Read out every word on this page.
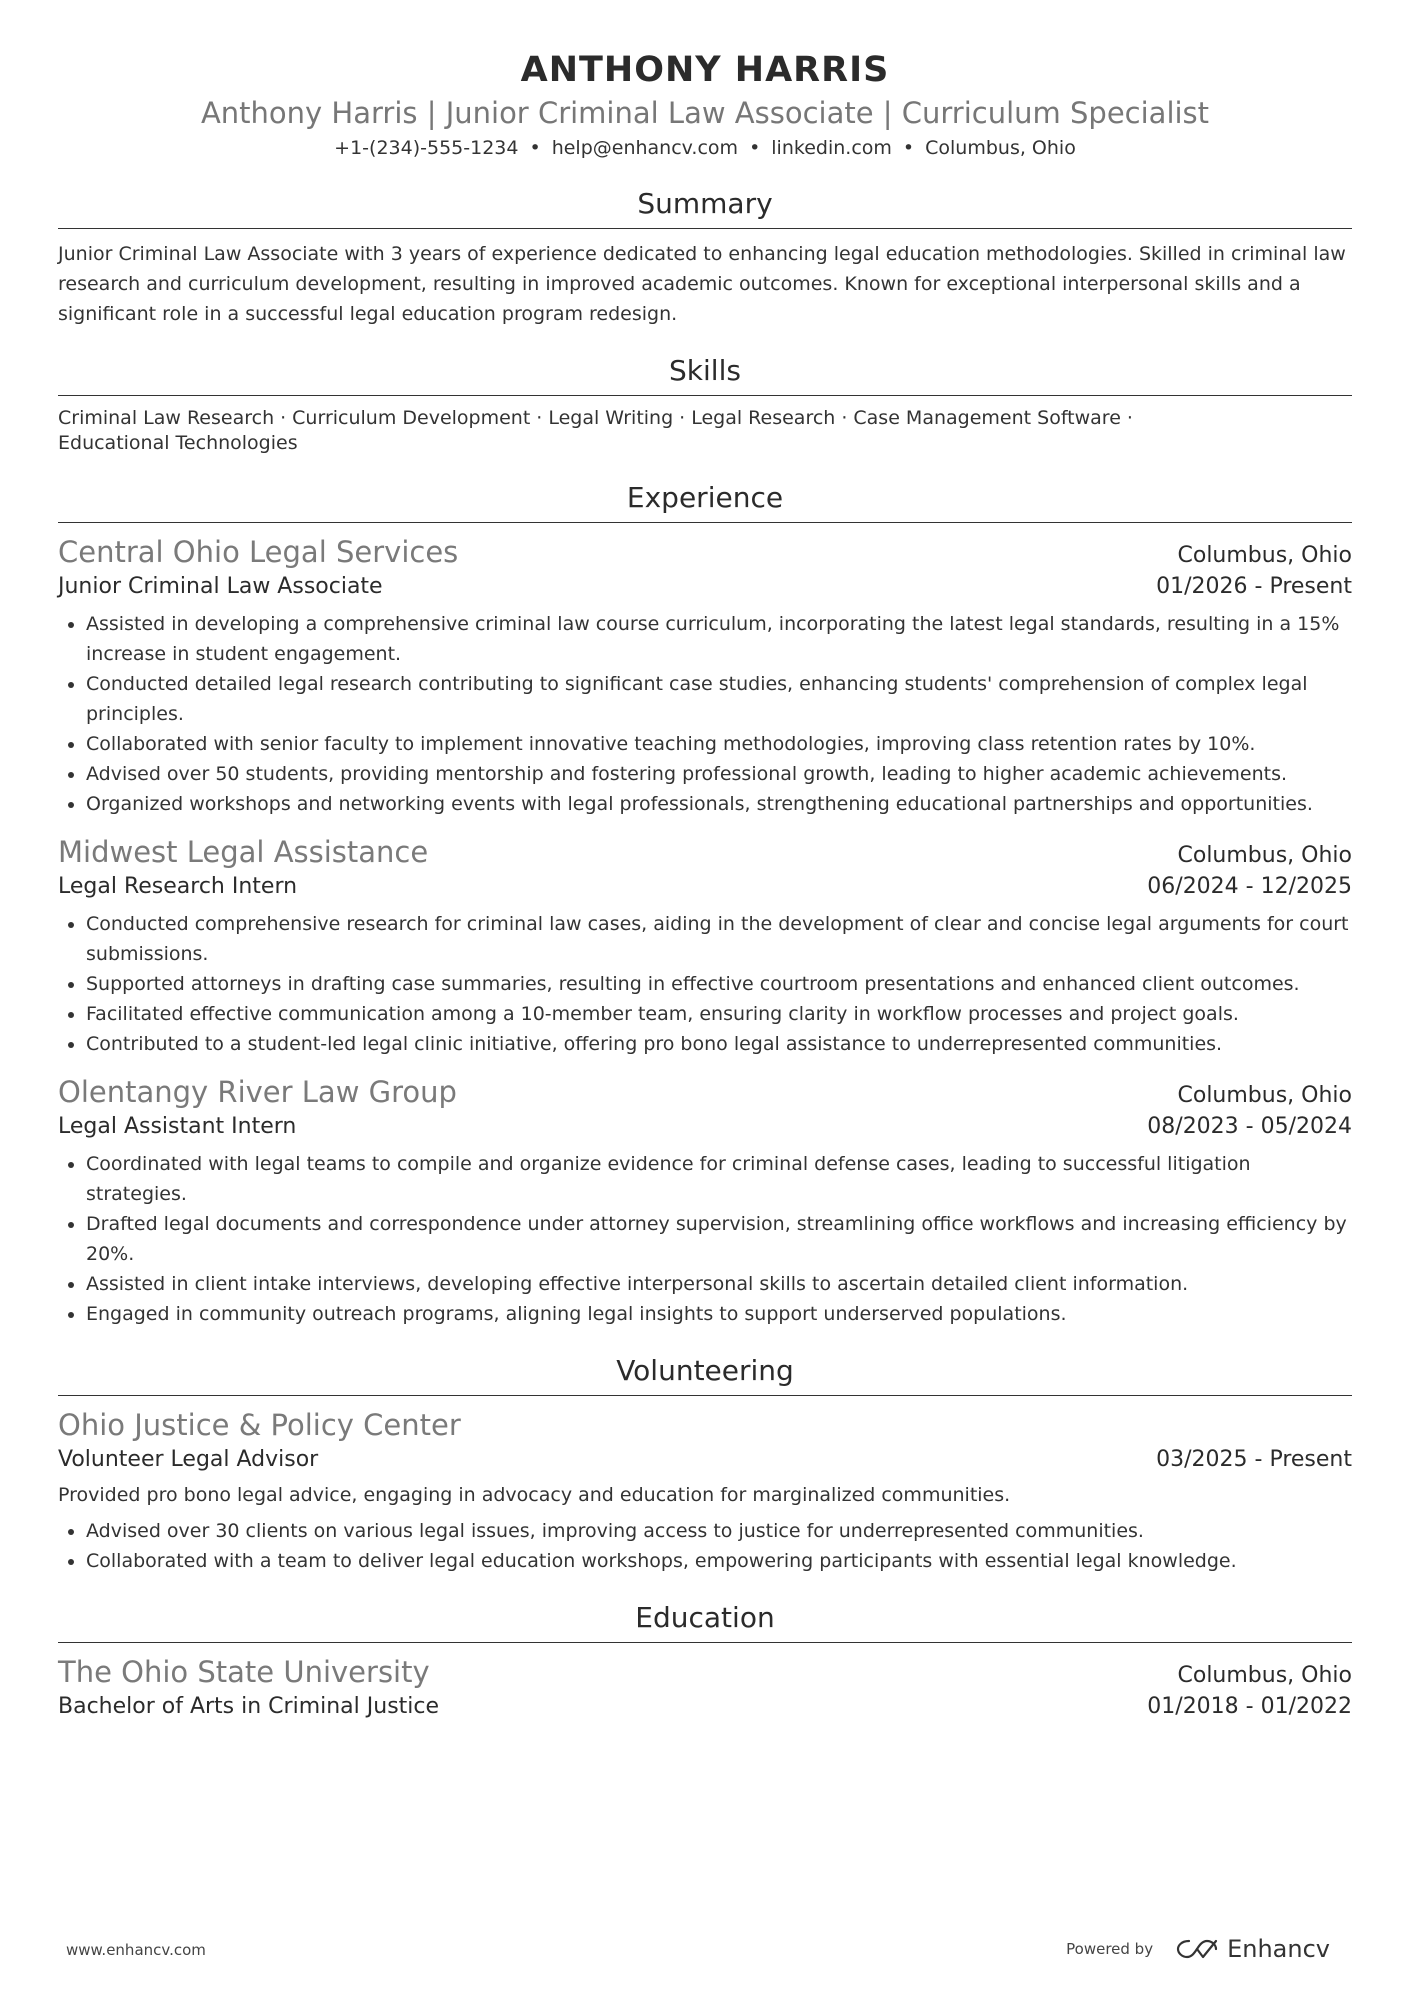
ANTHONY HARRIS
Anthony Harris | Junior Criminal Law Associate | Curriculum Specialist
+1-(234)-555-1234 • help@enhancv.com • linkedin.com • Columbus, Ohio
Summary
Junior Criminal Law Associate with 3 years of experience dedicated to enhancing legal education methodologies. Skilled in criminal law research and curriculum development, resulting in improved academic outcomes. Known for exceptional interpersonal skills and a significant role in a successful legal education program redesign.
Skills
Criminal Law Research · Curriculum Development · Legal Writing · Legal Research · Case Management Software ·
Educational Technologies
Experience
Central Ohio Legal Services	Columbus, Ohio
Junior Criminal Law Associate	01/2026 - Present
• Assisted in developing a comprehensive criminal law course curriculum, incorporating the latest legal standards, resulting in a 15% increase in student engagement.
• Conducted detailed legal research contributing to significant case studies, enhancing students' comprehension of complex legal principles.
• Collaborated with senior faculty to implement innovative teaching methodologies, improving class retention rates by 10%.
• Advised over 50 students, providing mentorship and fostering professional growth, leading to higher academic achievements.
• Organized workshops and networking events with legal professionals, strengthening educational partnerships and opportunities.
Midwest Legal Assistance	Columbus, Ohio
Legal Research Intern	06/2024 - 12/2025
• Conducted comprehensive research for criminal law cases, aiding in the development of clear and concise legal arguments for court submissions.
• Supported attorneys in drafting case summaries, resulting in effective courtroom presentations and enhanced client outcomes.
• Facilitated effective communication among a 10-member team, ensuring clarity in workflow processes and project goals.
• Contributed to a student-led legal clinic initiative, offering pro bono legal assistance to underrepresented communities.
Olentangy River Law Group	Columbus, Ohio
Legal Assistant Intern	08/2023 - 05/2024
• Coordinated with legal teams to compile and organize evidence for criminal defense cases, leading to successful litigation strategies.
• Drafted legal documents and correspondence under attorney supervision, streamlining office workflows and increasing efficiency by 20%.
• Assisted in client intake interviews, developing effective interpersonal skills to ascertain detailed client information.
• Engaged in community outreach programs, aligning legal insights to support underserved populations.
Volunteering
Ohio Justice & Policy Center
Volunteer Legal Advisor	03/2025 - Present
Provided pro bono legal advice, engaging in advocacy and education for marginalized communities.
• Advised over 30 clients on various legal issues, improving access to justice for underrepresented communities.
• Collaborated with a team to deliver legal education workshops, empowering participants with essential legal knowledge.
Education
The Ohio State University	Columbus, Ohio
Bachelor of Arts in Criminal Justice	01/2018 - 01/2022
www.enhancv.com	Powered by	Enhancv
